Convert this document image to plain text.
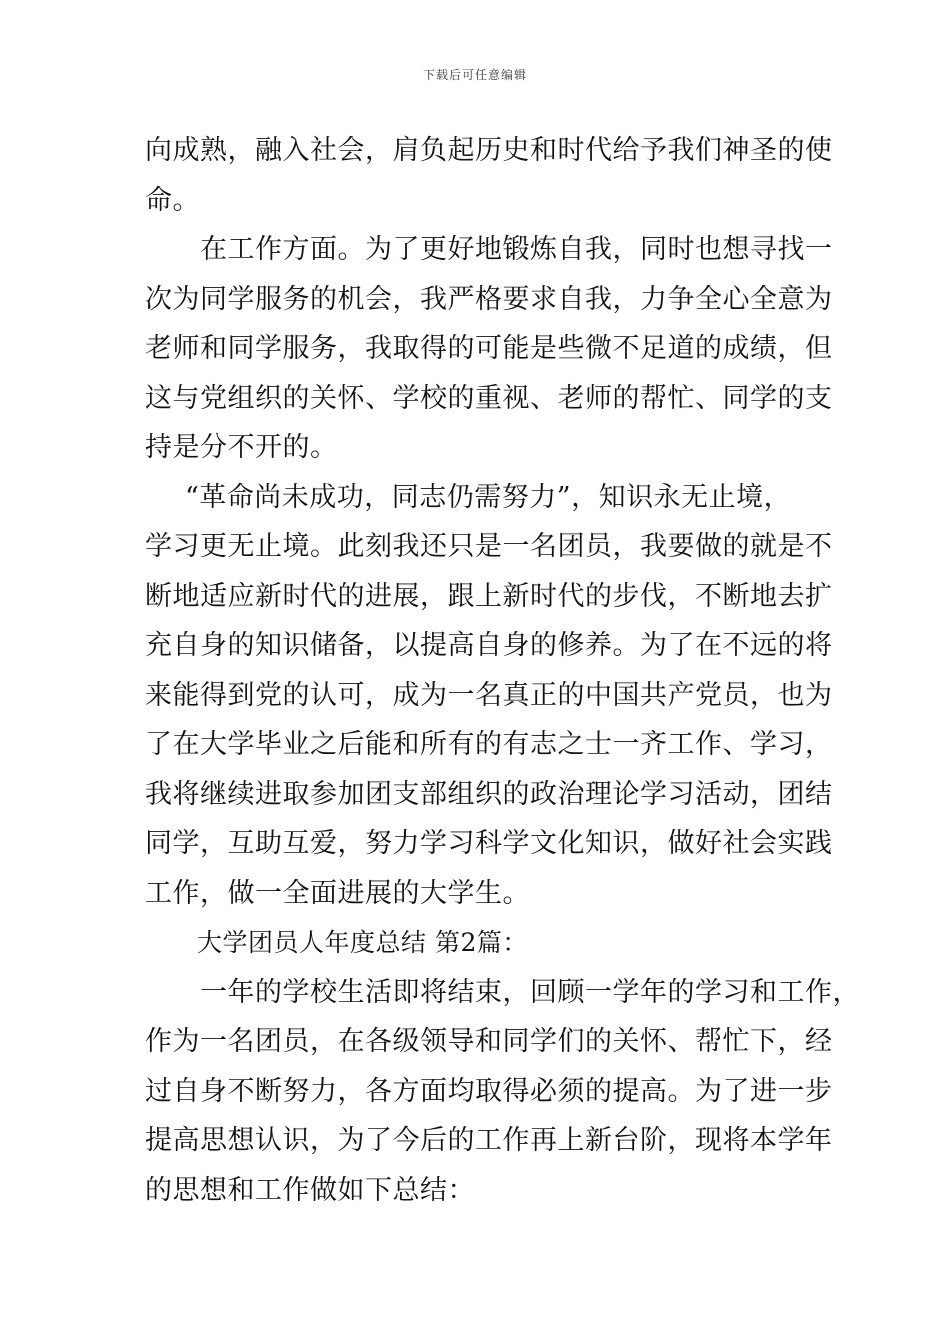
下载后可任意编辑
向成熟，融入社会，肩负起历史和时代给予我们神圣的使
命。
在工作方面。为了更好地锻炼自我，同时也想寻找一
次为同学服务的机会，我严格要求自我，力争全心全意为
老师和同学服务，我取得的可能是些微不足道的成绩，但
这与党组织的关怀、学校的重视、老师的帮忙、同学的支
持是分不开的。
“革命尚未成功，同志仍需努力”，知识永无止境，
学习更无止境。此刻我还只是一名团员，我要做的就是不
断地适应新时代的进展，跟上新时代的步伐，不断地去扩
充自身的知识储备，以提高自身的修养。为了在不远的将
来能得到党的认可，成为一名真正的中国共产党员，也为
了在大学毕业之后能和所有的有志之士一齐工作、学习，
我将继续进取参加团支部组织的政治理论学习活动，团结
同学，互助互爱，努力学习科学文化知识，做好社会实践
工作，做一全面进展的大学生。
大学团员人年度总结 第2篇：
一年的学校生活即将结束，回顾一学年的学习和工作，
作为一名团员，在各级领导和同学们的关怀、帮忙下，经
过自身不断努力，各方面均取得必须的提高。为了进一步
提高思想认识，为了今后的工作再上新台阶，现将本学年
的思想和工作做如下总结：
